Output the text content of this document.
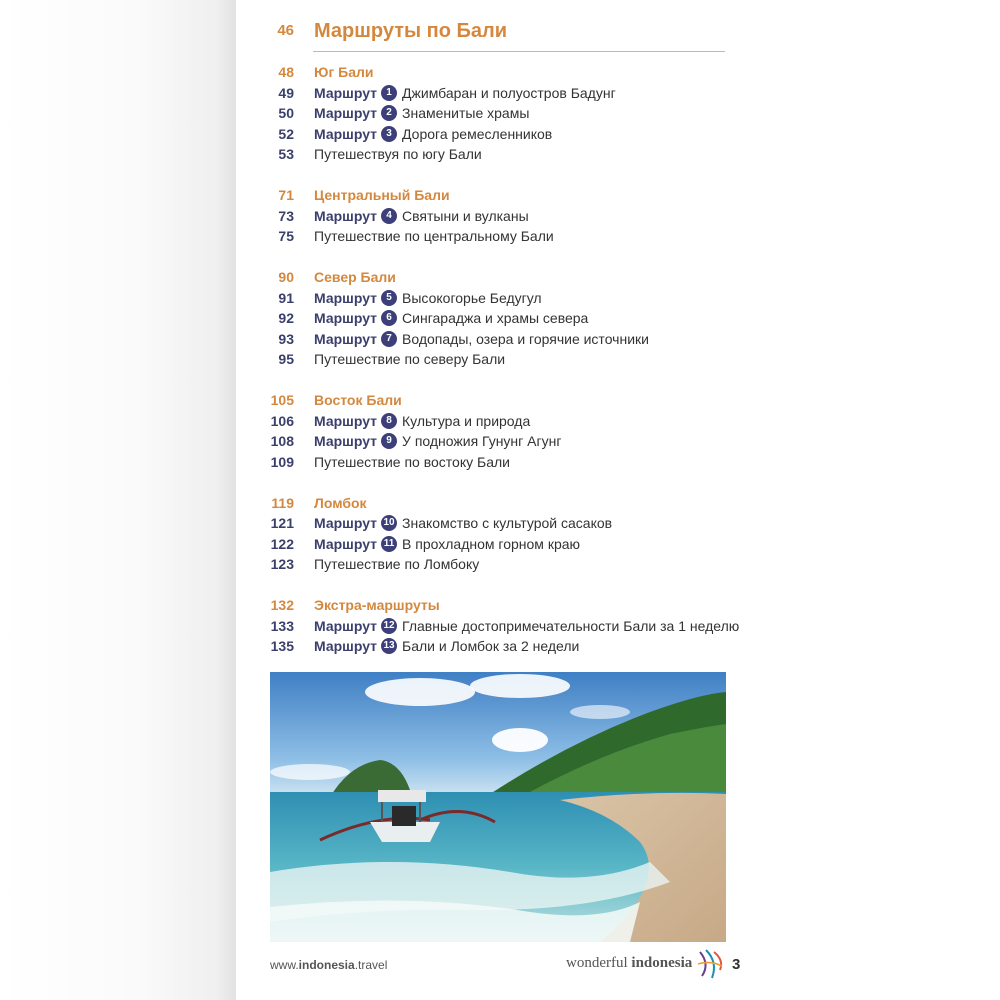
46 Маршруты по Бали
48 Юг Бали
49 Маршрут 1 Джимбаран и полуостров Бадунг
50 Маршрут 2 Знаменитые храмы
52 Маршрут 3 Дорога ремесленников
53 Путешествуя по югу Бали
71 Центральный Бали
73 Маршрут 4 Святыни и вулканы
75 Путешествие по центральному Бали
90 Север Бали
91 Маршрут 5 Высокогорье Бедугул
92 Маршрут 6 Сингараджа и храмы севера
93 Маршрут 7 Водопады, озера и горячие источники
95 Путешествие по северу Бали
105 Восток Бали
106 Маршрут 8 Культура и природа
108 Маршрут 9 У подножия Гунунг Агунг
109 Путешествие по востоку Бали
119 Ломбок
121 Маршрут 10 Знакомство с культурой сасаков
122 Маршрут 11 В прохладном горном краю
123 Путешествие по Ломбоку
132 Экстра-маршруты
133 Маршрут 12 Главные достопримечательности Бали за 1 неделю
135 Маршрут 13 Бали и Ломбок за 2 недели
www.indonesia.travel	wonderful indonesia	3
